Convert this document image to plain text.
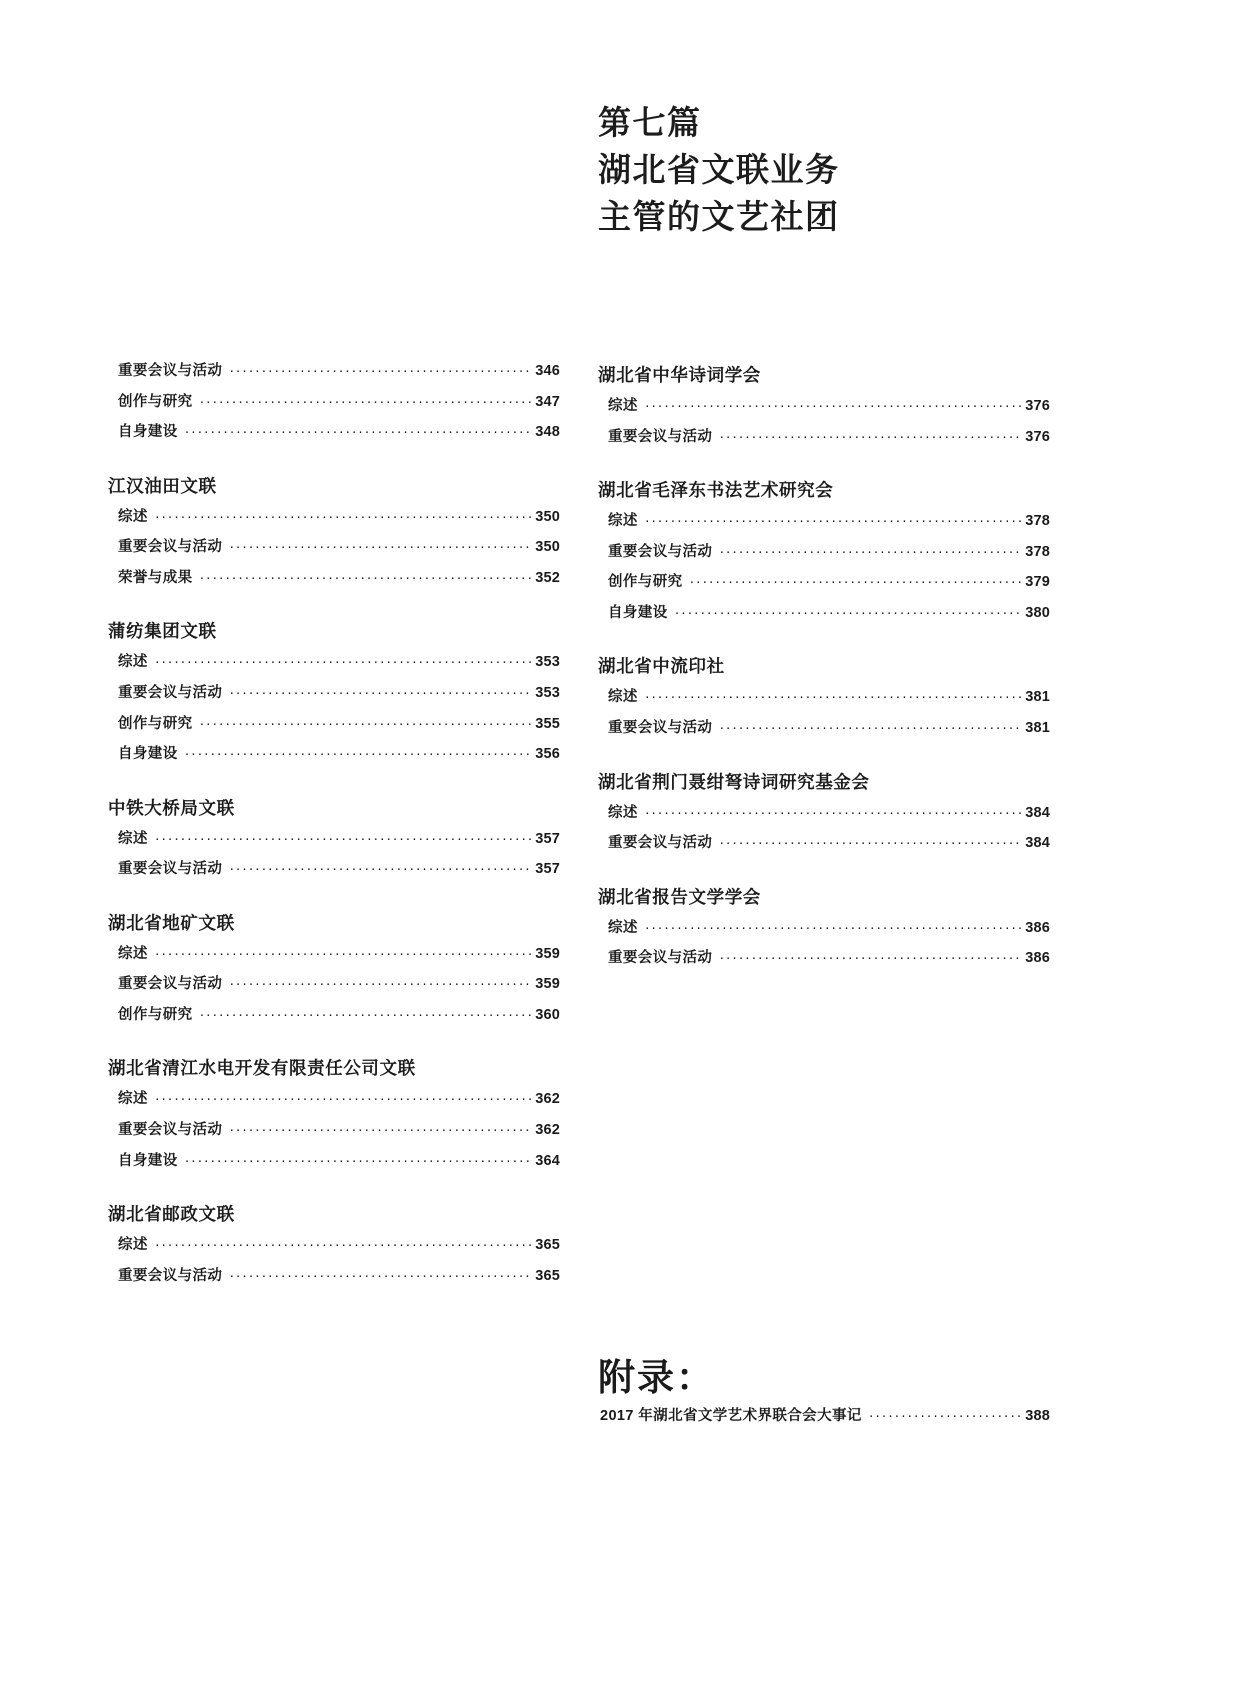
第七篇
湖北省文联业务
主管的文艺社团
重要会议与活动 ·····	346
创作与研究 ·····	347
自身建设 ·····	348
江汉油田文联
综述 ·····	350
重要会议与活动 ·····	350
荣誉与成果 ·····	352
蒲纺集团文联
综述 ·····	353
重要会议与活动 ·····	353
创作与研究 ·····	355
自身建设 ·····	356
中铁大桥局文联
综述 ·····	357
重要会议与活动 ·····	357
湖北省地矿文联
综述 ·····	359
重要会议与活动 ·····	359
创作与研究 ·····	360
湖北省清江水电开发有限责任公司文联
综述 ·····	362
重要会议与活动 ·····	362
自身建设 ·····	364
湖北省邮政文联
综述 ·····	365
重要会议与活动 ·····	365
湖北省中华诗词学会
综述 ·····	376
重要会议与活动 ·····	376
湖北省毛泽东书法艺术研究会
综述 ·····	378
重要会议与活动 ·····	378
创作与研究 ·····	379
自身建设 ·····	380
湖北省中流印社
综述 ·····	381
重要会议与活动 ·····	381
湖北省荆门聂绀弩诗词研究基金会
综述 ·····	384
重要会议与活动 ·····	384
湖北省报告文学学会
综述 ·····	386
重要会议与活动 ·····	386
附录：
2017 年湖北省文学艺术界联合会大事记 ·····	388
